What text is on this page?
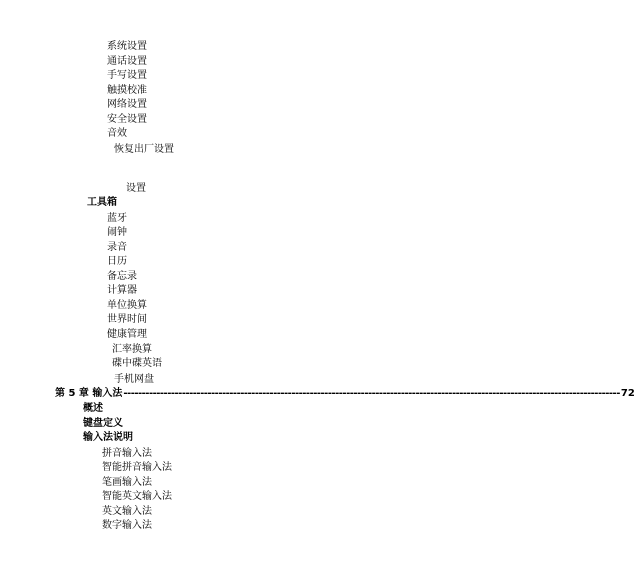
系统设置
通话设置
手写设置
触摸校准
网络设置
安全设置
音效
恢复出厂设置
设置
工具箱
蓝牙
闹钟
录音
日历
备忘录
计算器
单位换算
世界时间
健康管理
汇率换算
碟中碟英语
手机网盘
第 5 章 输入法 ---------------------------------------------------------------------------------------------------------------------------------------- 72
概述
键盘定义
输入法说明
拼音输入法
智能拼音输入法
笔画输入法
智能英文输入法
英文输入法
数字输入法
